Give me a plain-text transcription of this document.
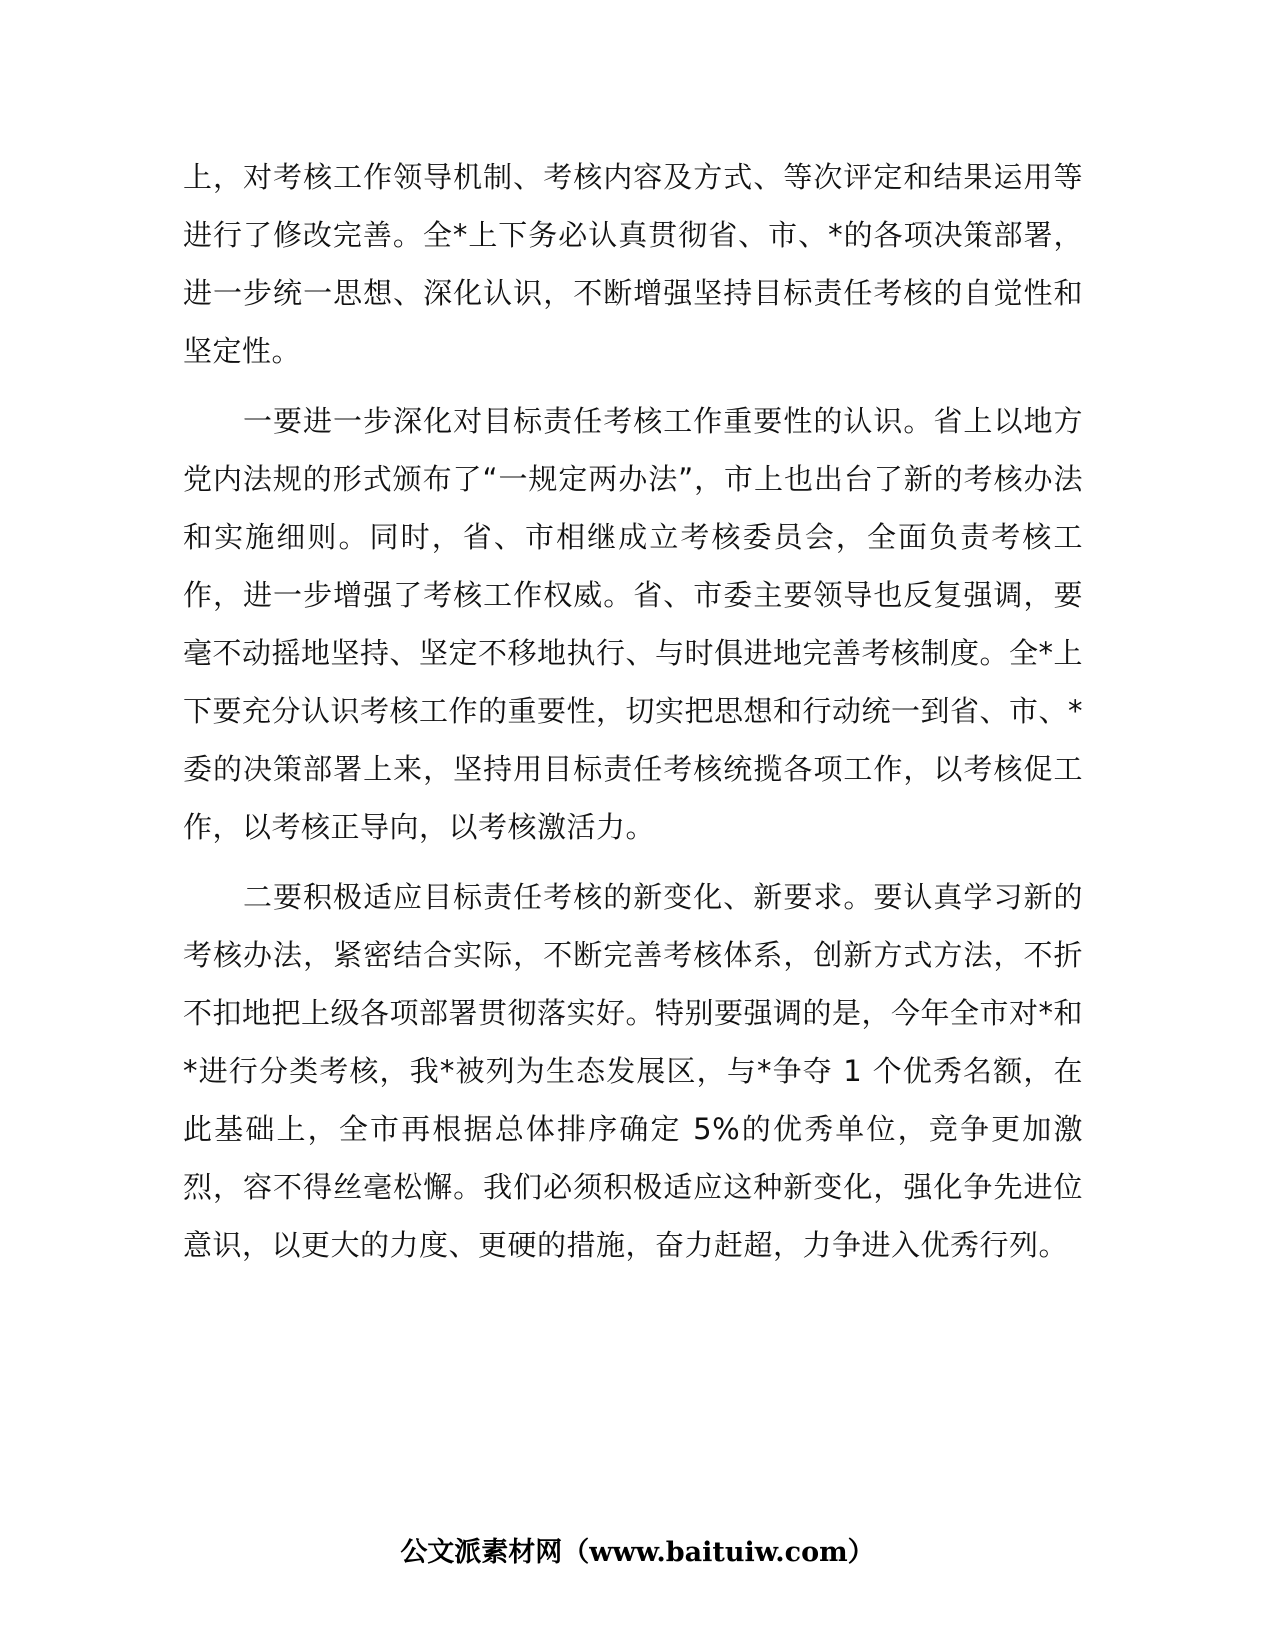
上，对考核工作领导机制、考核内容及方式、等次评定和结果运用等进行了修改完善。全*上下务必认真贯彻省、市、*的各项决策部署，进一步统一思想、深化认识，不断增强坚持目标责任考核的自觉性和坚定性。

一要进一步深化对目标责任考核工作重要性的认识。省上以地方党内法规的形式颁布了“一规定两办法”，市上也出台了新的考核办法和实施细则。同时，省、市相继成立考核委员会，全面负责考核工作，进一步增强了考核工作权威。省、市委主要领导也反复强调，要毫不动摇地坚持、坚定不移地执行、与时俱进地完善考核制度。全*上下要充分认识考核工作的重要性，切实把思想和行动统一到省、市、*委的决策部署上来，坚持用目标责任考核统揽各项工作，以考核促工作，以考核正导向，以考核激活力。

二要积极适应目标责任考核的新变化、新要求。要认真学习新的考核办法，紧密结合实际，不断完善考核体系，创新方式方法，不折不扣地把上级各项部署贯彻落实好。特别要强调的是，今年全市对*和*进行分类考核，我*被列为生态发展区，与*争夺 1 个优秀名额，在此基础上，全市再根据总体排序确定 5%的优秀单位，竞争更加激烈，容不得丝毫松懈。我们必须积极适应这种新变化，强化争先进位意识，以更大的力度、更硬的措施，奋力赶超，力争进入优秀行列。

公文派素材网（www.baituiw.com）
